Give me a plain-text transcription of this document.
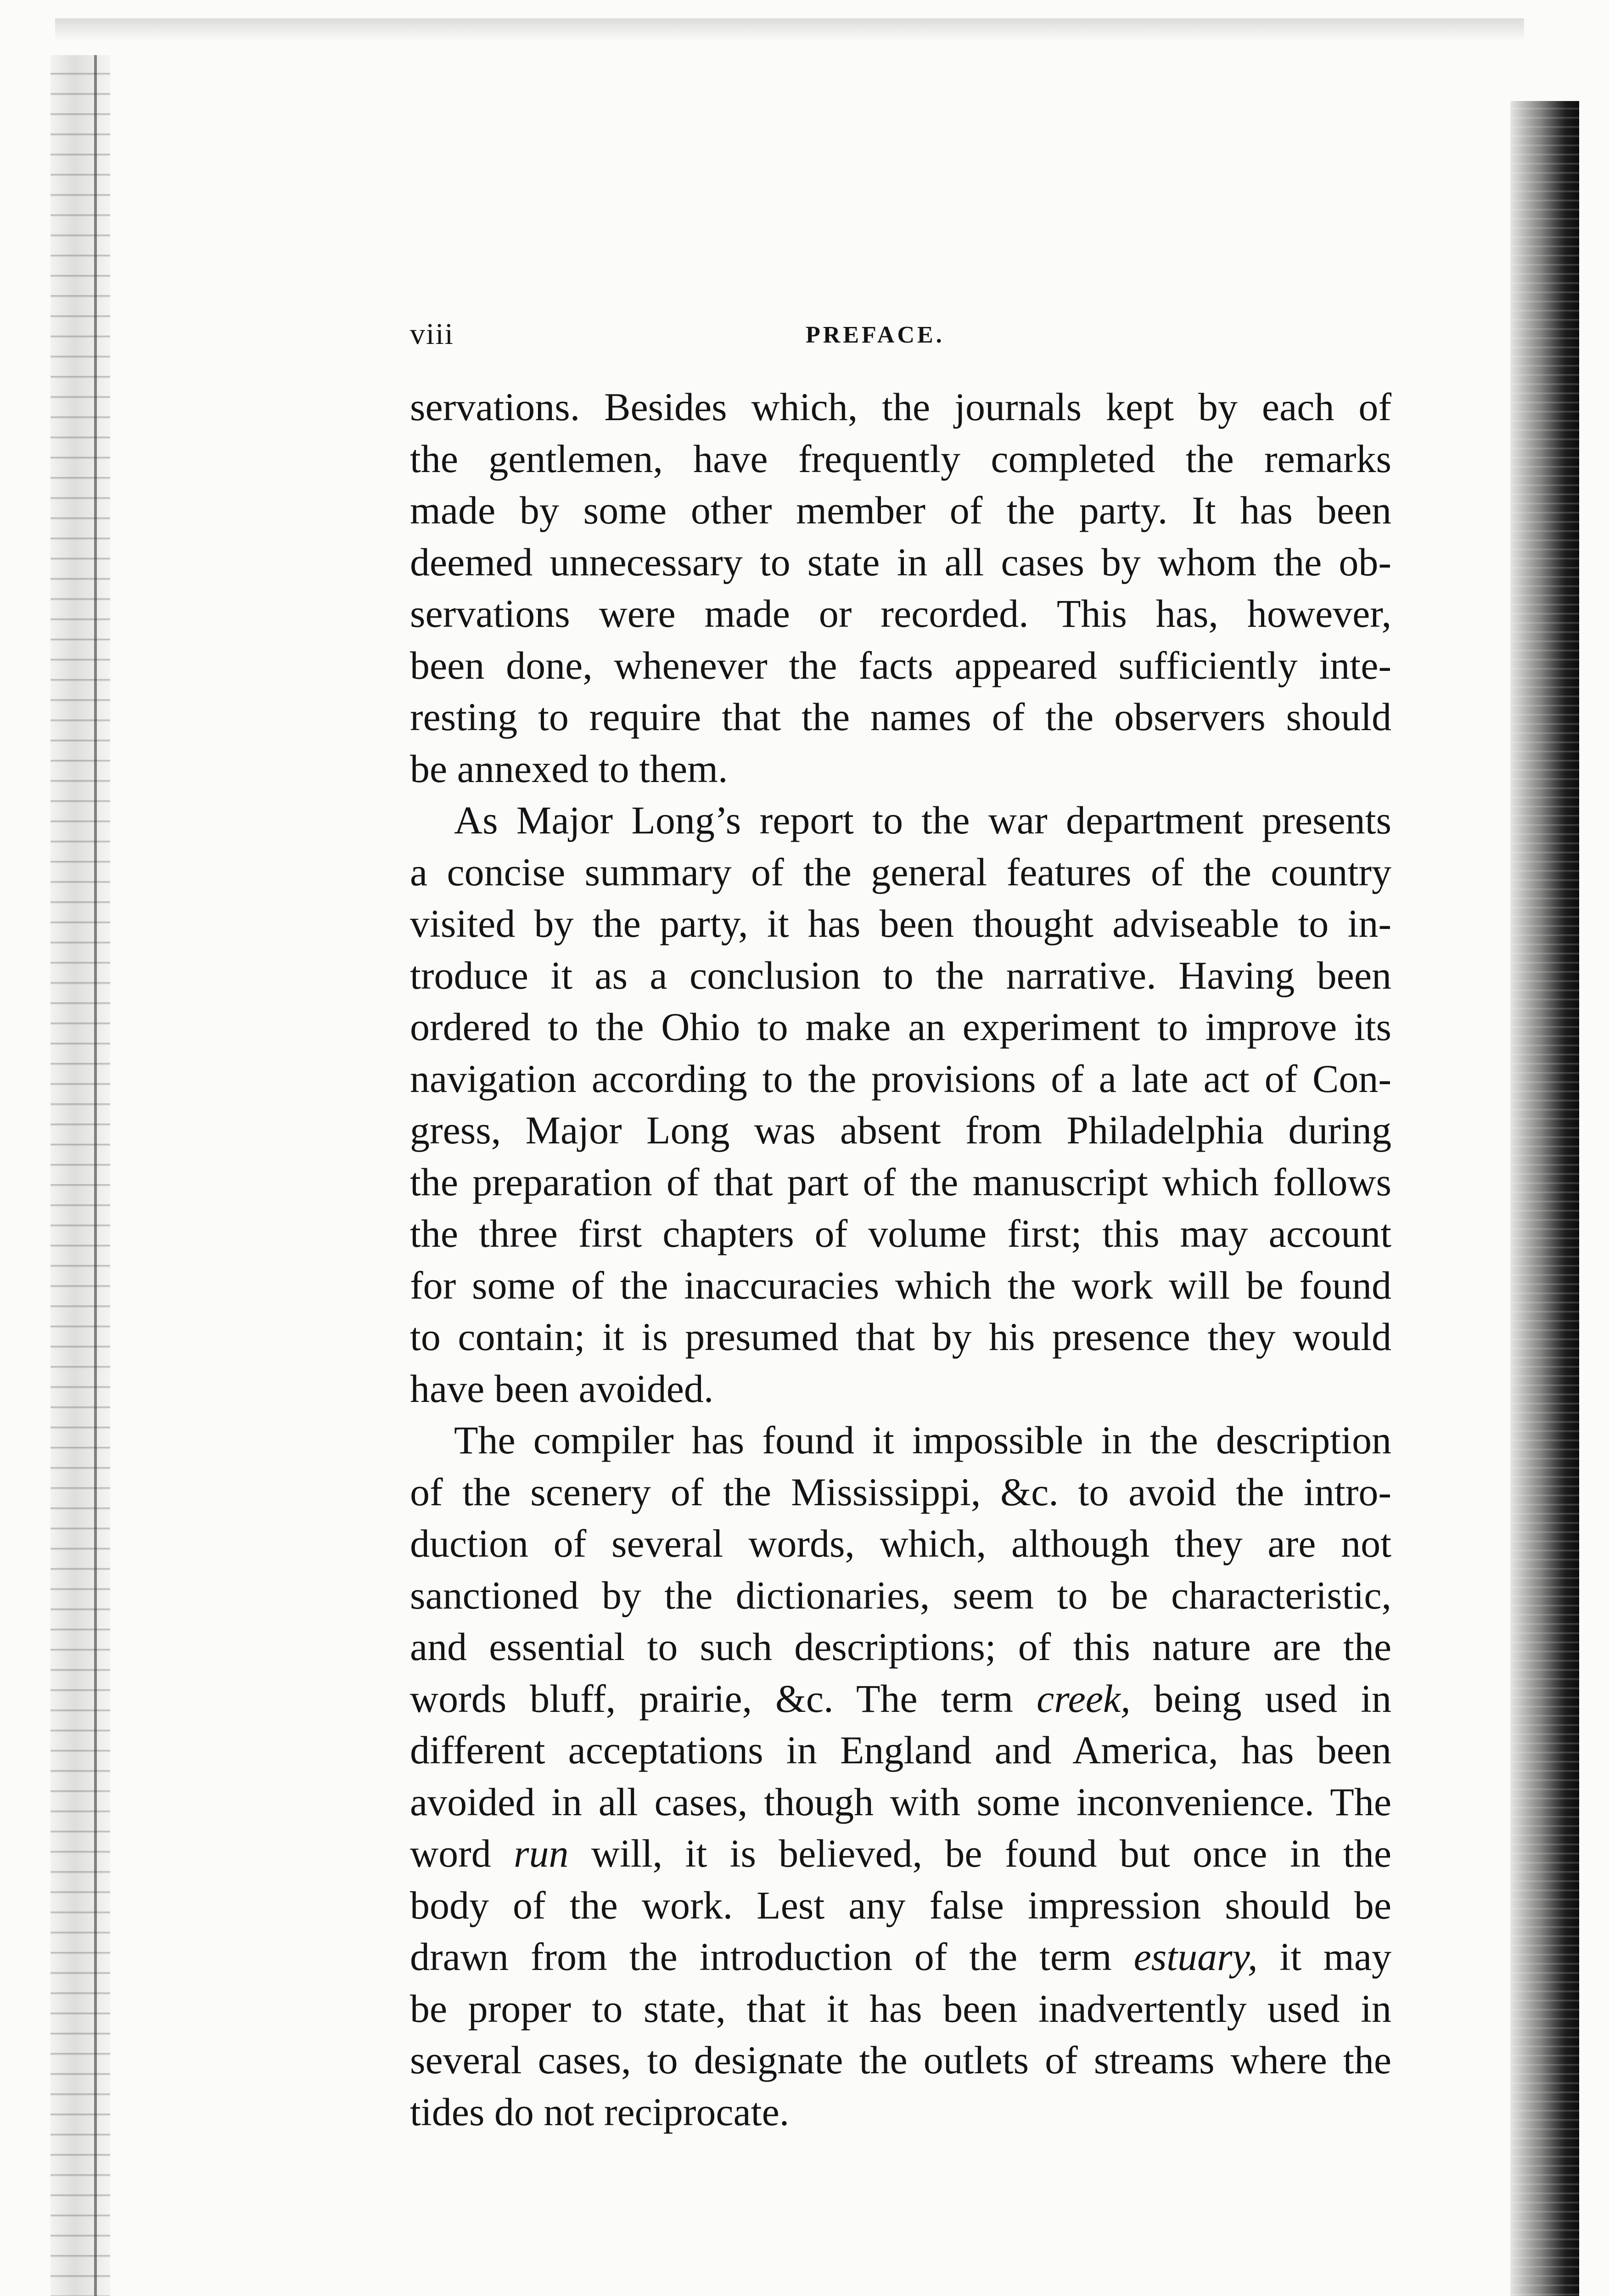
viii	PREFACE.

servations. Besides which, the journals kept by each of
the gentlemen, have frequently completed the remarks
made by some other member of the party. It has been
deemed unnecessary to state in all cases by whom the ob-
servations were made or recorded. This has, however,
been done, whenever the facts appeared sufficiently inte-
resting to require that the names of the observers should
be annexed to them.

As Major Long’s report to the war department presents
a concise summary of the general features of the country
visited by the party, it has been thought adviseable to in-
troduce it as a conclusion to the narrative. Having been
ordered to the Ohio to make an experiment to improve its
navigation according to the provisions of a late act of Con-
gress, Major Long was absent from Philadelphia during
the preparation of that part of the manuscript which follows
the three first chapters of volume first; this may account
for some of the inaccuracies which the work will be found
to contain; it is presumed that by his presence they would
have been avoided.

The compiler has found it impossible in the description
of the scenery of the Mississippi, &c. to avoid the intro-
duction of several words, which, although they are not
sanctioned by the dictionaries, seem to be characteristic,
and essential to such descriptions; of this nature are the
words bluff, prairie, &c. The term creek, being used in
different acceptations in England and America, has been
avoided in all cases, though with some inconvenience. The
word run will, it is believed, be found but once in the
body of the work. Lest any false impression should be
drawn from the introduction of the term estuary, it may
be proper to state, that it has been inadvertently used in
several cases, to designate the outlets of streams where the
tides do not reciprocate.
